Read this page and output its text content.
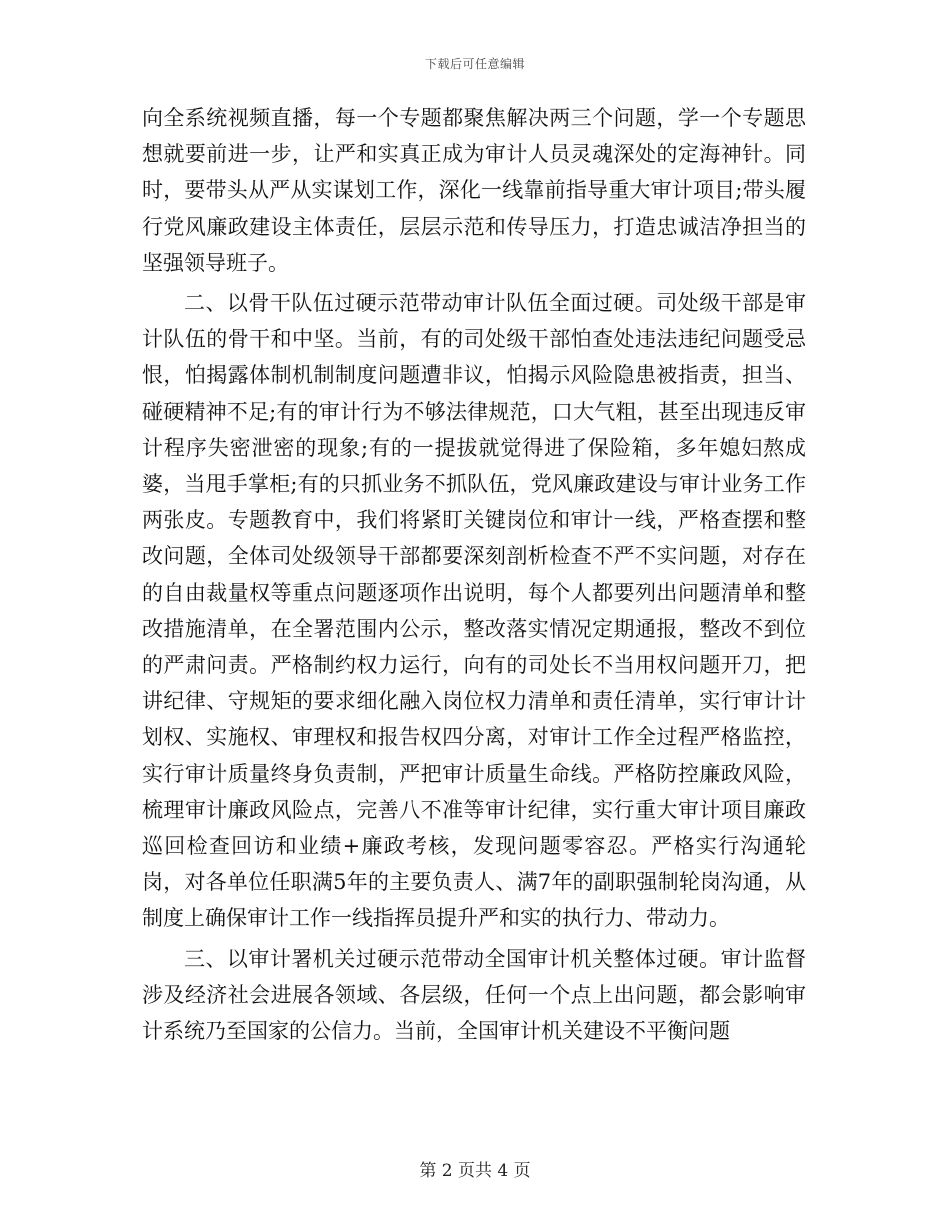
下载后可任意编辑

向全系统视频直播，每一个专题都聚焦解决两三个问题，学一个专题思想就要前进一步，让严和实真正成为审计人员灵魂深处的定海神针。同时，要带头从严从实谋划工作，深化一线靠前指导重大审计项目;带头履行党风廉政建设主体责任，层层示范和传导压力，打造忠诚洁净担当的坚强领导班子。

二、以骨干队伍过硬示范带动审计队伍全面过硬。司处级干部是审计队伍的骨干和中坚。当前，有的司处级干部怕查处违法违纪问题受忌恨，怕揭露体制机制制度问题遭非议，怕揭示风险隐患被指责，担当、碰硬精神不足;有的审计行为不够法律规范，口大气粗，甚至出现违反审计程序失密泄密的现象;有的一提拔就觉得进了保险箱，多年媳妇熬成婆，当甩手掌柜;有的只抓业务不抓队伍，党风廉政建设与审计业务工作两张皮。专题教育中，我们将紧盯关键岗位和审计一线，严格查摆和整改问题，全体司处级领导干部都要深刻剖析检查不严不实问题，对存在的自由裁量权等重点问题逐项作出说明，每个人都要列出问题清单和整改措施清单，在全署范围内公示，整改落实情况定期通报，整改不到位的严肃问责。严格制约权力运行，向有的司处长不当用权问题开刀，把讲纪律、守规矩的要求细化融入岗位权力清单和责任清单，实行审计计划权、实施权、审理权和报告权四分离，对审计工作全过程严格监控，实行审计质量终身负责制，严把审计质量生命线。严格防控廉政风险，梳理审计廉政风险点，完善八不准等审计纪律，实行重大审计项目廉政巡回检查回访和业绩+廉政考核，发现问题零容忍。严格实行沟通轮岗，对各单位任职满5年的主要负责人、满7年的副职强制轮岗沟通，从制度上确保审计工作一线指挥员提升严和实的执行力、带动力。

三、以审计署机关过硬示范带动全国审计机关整体过硬。审计监督涉及经济社会进展各领域、各层级，任何一个点上出问题，都会影响审计系统乃至国家的公信力。当前，全国审计机关建设不平衡问题

第 2 页共 4 页
